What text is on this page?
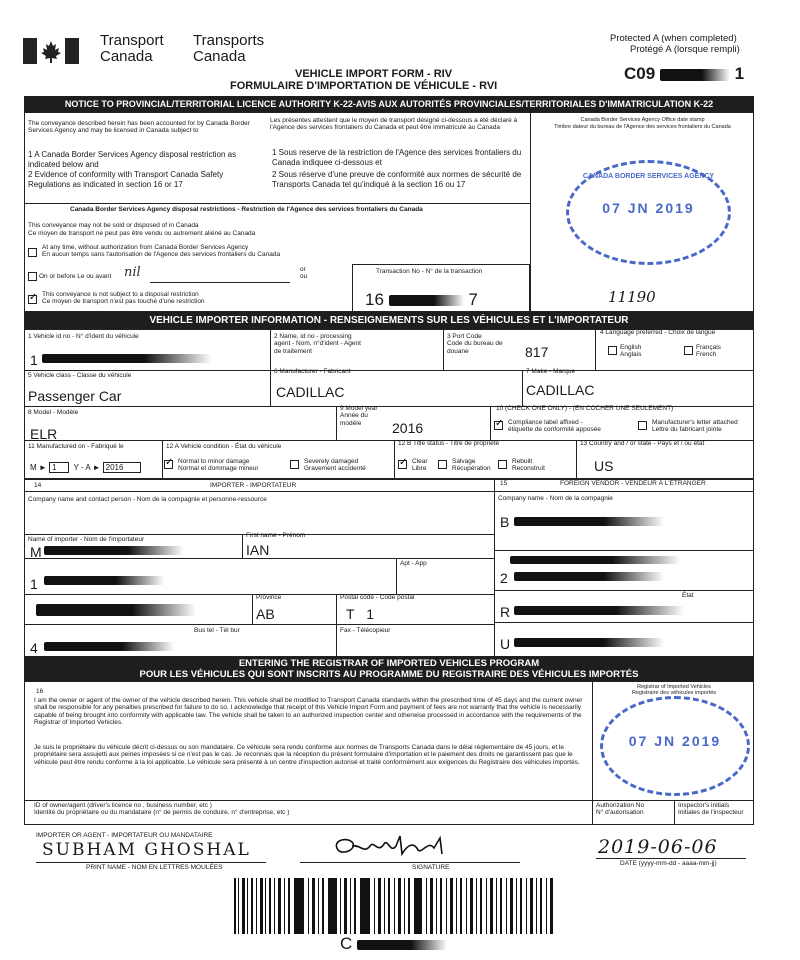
Transport
Canada
Transports
Canada
Protected A (when completed)
Protégé A (lorsque rempli)
VEHICLE IMPORT FORM - RIV
FORMULAIRE D'IMPORTATION DE VÉHICULE - RVI
C09	1
NOTICE TO PROVINCIAL/TERRITORIAL LICENCE AUTHORITY K-22-AVIS AUX AUTORITÉS PROVINCIALES/TERRITORIALES D'IMMATRICULATION K-22
The conveyance described herein has been accounted for by Canada Border Services Agency and may be licensed in Canada subject to
Les présentes attestent que le moyen de transport désigné ci-dessous a été déclaré à l'Agence des services frontaliers du Canada et peut être immatriculé au Canada
1 A Canada Border Services Agency disposal restriction as indicated below and
2 Evidence of conformity with Transport Canada Safety Regulations as indicated in section 16 or 17
1 Sous reserve de la restriction de l'Agence des services frontaliers du Canada indiquee ci-dessous et
2 Sous réserve d'une preuve de conformité aux normes de sécurité de Transports Canada tel qu'indiqué à la section 16 ou 17
Canada Border Services Agency Office date stamp
Timbre dateur du bureau de l'Agence des services frontaliers du Canada
CANADA BORDER SERVICES AGENCY
07 JN 2019
Canada Border Services Agency disposal restrictions - Restriction de l'Agence des services frontaliers du Canada
This conveyance may not be sold or disposed of in Canada
Ce moyen de transport ne peut pas être vendu ou autrement aliéné au Canada
At any time, without authorization from Canada Border Services Agency
En aucun temps sans l'autorisation de l'Agence des services frontaliers du Canada
On or before Le ou avant nil	or
ou
✓
This conveyance is not subject to a disposal restriction
Ce moyen de transport n'est pas touché d'une restriction
Transaction No - N° de la transaction
16	7	11190
VEHICLE IMPORTER INFORMATION - RENSEIGNEMENTS SUR LES VÉHICULES ET L'IMPORTATEUR
1 Vehicle id no - N° d'ident du véhicule
1
2 Name, id no - processing agent - Nom, n°d'ident - Agent de traitement
3 Port Code
Code du bureau de douane	817
4 Language preferred - Choix de langue
English
Anglais
Français
French
5 Vehicle class - Classe du véhicule
Passenger Car
6 Manufacturer - Fabricant
CADILLAC
7 Make - Marque
CADILLAC
8 Model - Modèle
ELR
9 Model year
Année du
modèle	2016
10 (CHECK ONE ONLY) - (EN COCHER UNE SEULEMENT)
✓
Compliance label affixed -
étiquette de conformité apposée
Manufacturer's letter attached
Lettre du fabricant jointe
11 Manufactured on - Fabriqué le
M ► 1 Y - A ► 2016
12 A Vehicle condition - État du véhicule
✓
Normal to minor damage
Normal et dommage mineur
Severely damaged
Gravement accidenté
12 B Title status - Titre de propriété
✓
Clear
Libre
Salvage
Récupération
Rebuilt
Reconstruit
13 Country and / or state - Pays et / ou état
US
14	IMPORTER - IMPORTATEUR	15	FOREIGN VENDOR - VENDEUR À L'ÉTRANGER
Company name and contact person - Nom de la compagnie et personne-ressource
Name of importer - Nom de l'importateur
M
First name - Prénom
IAN
Apt - App
1
Province
AB
Postal code - Code postal
T 1
Bus tel - Tél bur
4
Fax - Télécopieur
Company name - Nom de la compagnie
B
2
État
R
U
ENTERING THE REGISTRAR OF IMPORTED VEHICLES PROGRAM
POUR LES VÉHICULES QUI SONT INSCRITS AU PROGRAMME DU REGISTRAIRE DES VÉHICULES IMPORTÉS
16
I am the owner or agent of the owner of the vehicle described herein. This vehicle shall be modified to Transport Canada standards within the prescribed time of 45 days and the current owner shall be responsible for any penalties prescribed for failure to do so. I acknowledge that receipt of this Vehicle Import Form and payment of fees are not warranty that the vehicle is necessarily capable of being brought into conformity with applicable law. The vehicle shall be taken to an authorized inspection center and otherwise processed in accordance with the requirements of the Registrar of Imported Vehicles.
Je suis le propriétaire du véhicule décrit ci-dessus ou son mandataire. Ce véhicule sera rendu conforme aux normes de Transports Canada dans le délai réglementaire de 45 jours, et le propriétaire sera assujetti aux peines imposées si ce n'est pas le cas. Je reconnais que la réception du présent formulaire d'importation et le paiement des droits ne garantissent pas que le véhicule peut être rendu conforme à la loi applicable. Le véhicule sera présenté à un centre d'inspection autorisé et traité conformément aux exigences du Registraire des véhicules importés.
Registrar of Imported Vehicles
Registraire des véhicules importés
07 JN 2019
ID of owner/agent (driver's licence no , business number, etc )
Identité du propriétaire ou du mandataire (n° de permis de conduire, n° d'entreprise, etc )
Authorization No
N° d'autorisation
Inspector's initials
Initiales de l'inspecteur
IMPORTER OR AGENT - IMPORTATEUR OU MANDATAIRE
SUBHAM GHOSHAL
PRINT NAME - NOM EN LETTRES MOULÉES	SIGNATURE
2019-06-06
DATE (yyyy-mm-dd - aaaa-mm-jj)
C
